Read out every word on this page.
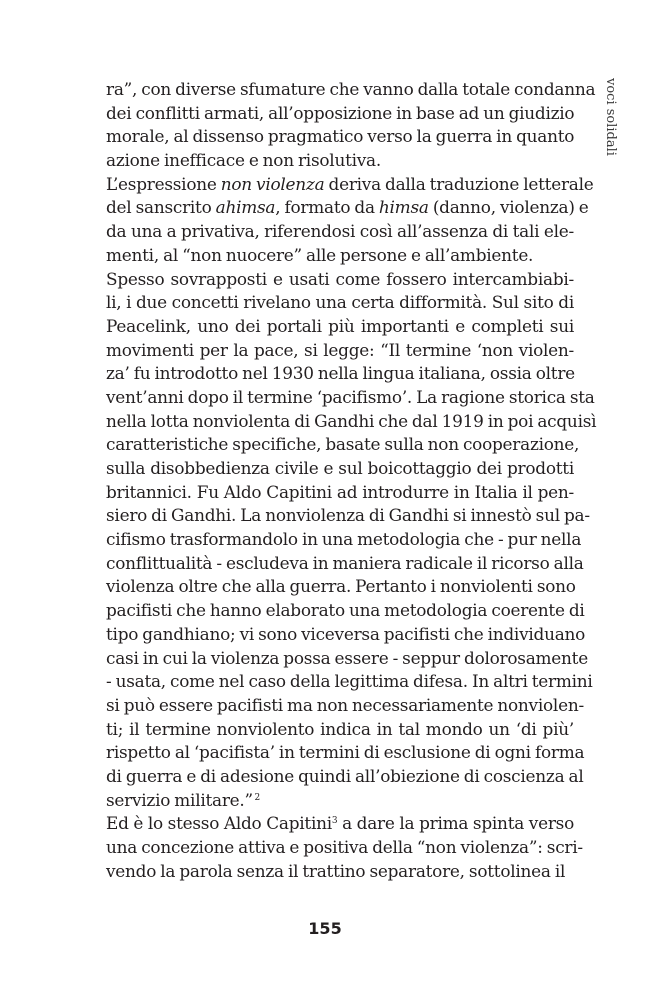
voci solidali
ra”, con diverse sfumature che vanno dalla totale condanna
dei conflitti armati, all’opposizione in base ad un giudizio
morale, al dissenso pragmatico verso la guerra in quanto
azione inefficace e non risolutiva.
L’espressione non violenza deriva dalla traduzione letterale
del sanscrito ahimsa, formato da himsa (danno, violenza) e
da una a privativa, riferendosi così all’assenza di tali ele-
menti, al “non nuocere” alle persone e all’ambiente.
Spesso sovrapposti e usati come fossero intercambiabi-
li, i due concetti rivelano una certa difformità. Sul sito di
Peacelink, uno dei portali più importanti e completi sui
movimenti per la pace, si legge: “Il termine ‘non violen-
za’ fu introdotto nel 1930 nella lingua italiana, ossia oltre
vent’anni dopo il termine ‘pacifismo’. La ragione storica sta
nella lotta nonviolenta di Gandhi che dal 1919 in poi acquisì
caratteristiche specifiche, basate sulla non cooperazione,
sulla disobbedienza civile e sul boicottaggio dei prodotti
britannici. Fu Aldo Capitini ad introdurre in Italia il pen-
siero di Gandhi. La nonviolenza di Gandhi si innestò sul pa-
cifismo trasformandolo in una metodologia che - pur nella
conflittualità - escludeva in maniera radicale il ricorso alla
violenza oltre che alla guerra. Pertanto i nonviolenti sono
pacifisti che hanno elaborato una metodologia coerente di
tipo gandhiano; vi sono viceversa pacifisti che individuano
casi in cui la violenza possa essere - seppur dolorosamente
- usata, come nel caso della legittima difesa. In altri termini
si può essere pacifisti ma non necessariamente nonviolen-
ti; il termine nonviolento indica in tal mondo un ‘di più’
rispetto al ‘pacifista’ in termini di esclusione di ogni forma
di guerra e di adesione quindi all’obiezione di coscienza al
servizio militare.” $^2$
Ed è lo stesso Aldo Capitini$^3$ a dare la prima spinta verso
una concezione attiva e positiva della “non violenza”: scri-
vendo la parola senza il trattino separatore, sottolinea il
155
